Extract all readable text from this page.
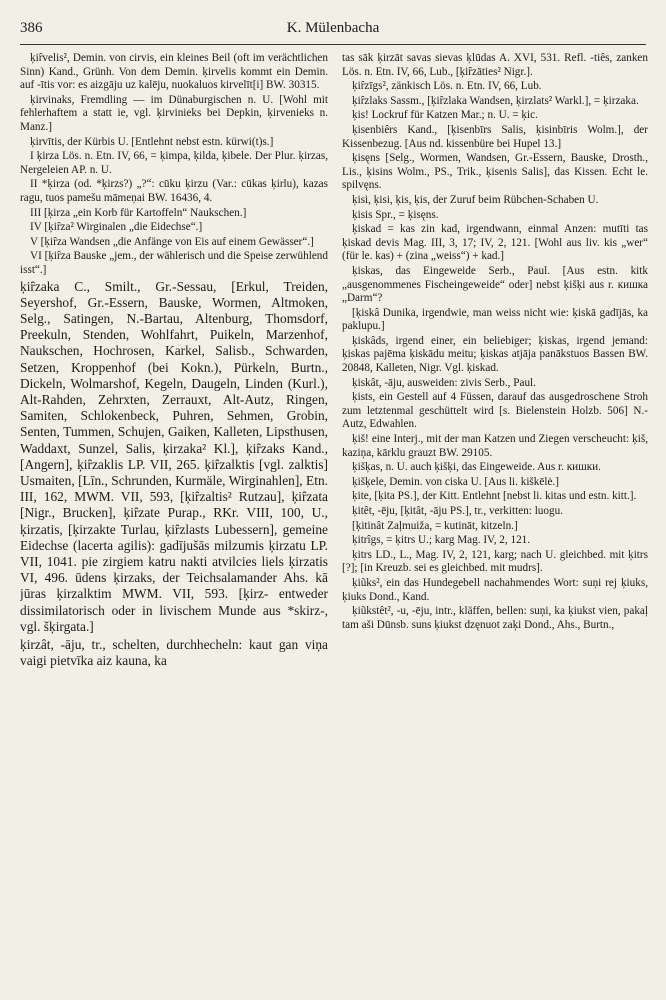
386	K. Mülenbacha

ķiȓvelis², Demin. von cirvis, ein kleines Beil (oft im verächtlichen Sinn) Kand., Grünh. Von dem Demin. ķirvelis kommt ein Demin. auf -ītis vor: es aizgāju uz kalēju, nuokaluos kirvelīt[i] BW. 30315.

ķirvinaks, Fremdling — im Dünaburgischen n. U. [Wohl mit fehlerhaftem a statt ie, vgl. ķirvinieks bei Depkin, ķirvenieks n. Manz.]

ķirvītis, der Kürbis U. [Entlehnt nebst estn. kürwi(t)s.]

I ķirza Lös. n. Etn. IV, 66, = ķimpa, ķilda, ķibele. Der Plur. ķirzas, Nergeleien AP. n. U.

II *ķirza (od. *ķirzs?) „?“: cūku ķirzu (Var.: cūkas ķirlu), kazas ragu, tuos pamešu māmeņai BW. 16436, 4.

III [ķirza „ein Korb für Kartoffeln“ Naukschen.]

IV [ķiȓza² Wirginalen „die Eidechse“.]

V [ķiȓza Wandsen „die Anfänge von Eis auf einem Gewässer“.]

VI [ķiȓza Bauske „jem., der wählerisch und die Speise zerwühlend isst“.]

ķiȓzaka C., Smilt., Gr.-Sessau, [Erkul, Treiden, Seyershof, Gr.-Essern, Bauske, Wormen, Altmoken, Selg., Satingen, N.-Bartau, Altenburg, Thomsdorf, Preekuln, Stenden, Wohlfahrt, Puikeln, Marzenhof, Naukschen, Hochrosen, Karkel, Salisb., Schwarden, Setzen, Kroppenhof (bei Kokn.), Pürkeln, Burtn., Dickeln, Wolmarshof, Kegeln, Daugeln, Linden (Kurl.), Alt-Rahden, Zehrxten, Zerrauxt, Alt-Autz, Ringen, Samiten, Schlokenbeck, Puhren, Sehmen, Grobin, Senten, Tummen, Schujen, Gaiken, Kalleten, Lipsthusen, Waddaxt, Sunzel, Salis, ķirzaka² Kl.], ķiȓzaks Kand., [Angern], ķiȓzaklis LP. VII, 265. ķiȓzalktis [vgl. zalktis] Usmaiten, [Līn., Schrunden, Kurmäle, Wirginahlen], Etn. III, 162, MWM. VII, 593, [ķiȓzaltis² Rutzau], ķiȓzata [Nigr., Brucken], ķiȓzate Purap., RKr. VIII, 100, U., ķirzatis, [ķirzakte Turlau, ķiȓzlasts Lubessern], gemeine Eidechse (lacerta agilis): gadījušās milzumis ķirzatu LP. VII, 1041. pie zirgiem katru nakti atvilcies liels ķirzatis VI, 496. ūdens ķirzaks, der Teichsalamander Ahs. kā jūras ķirzalktim MWM. VII, 593. [ķirz- entweder dissimilatorisch oder in livischem Munde aus *skirz-, vgl. šķirgata.]

ķirzât, -āju, tr., schelten, durchhecheln: kaut gan viņa vaigi pietvīka aiz kauna, ka

tas sāk ķirzāt savas sievas ķlūdas A. XVI, 531. Refl. -tiês, zanken Lös. n. Etn. IV, 66, Lub., [ķiȓzāties² Nigr.].

ķiȓzīgs², zänkisch Lös. n. Etn. IV, 66, Lub.

ķiȓzlaks Sassm., [ķiȓzlaka Wandsen, ķirzlats² Warkl.], = ķirzaka.

ķis! Lockruf für Katzen Mar.; n. U. = ķic.

ķisenbiȇrs Kand., [ķisenbīrs Salis, ķisinbīris Wolm.], der Kissenbezug. [Aus nd. kissenbüre bei Hupel 13.]

ķisęns [Selg., Wormen, Wandsen, Gr.-Essern, Bauske, Drosth., Lis., ķisins Wolm., PS., Trik., ķisenis Salis], das Kissen. Echt le. spilvęns.

ķisi, ķisi, ķis, ķis, der Zuruf beim Rübchen-Schaben U.

ķisis Spr., = ķisęns.

ķiskad = kas zin kad, irgendwann, einmal Anzen: mutīti tas ķiskad devis Mag. III, 3, 17; IV, 2, 121. [Wohl aus liv. kis „wer“ (für le. kas) + (zina „weiss“) + kad.]

ķiskas, das Eingeweide Serb., Paul. [Aus estn. kitk „ausgenommenes Fischeingeweide“ oder] nebst ķišķi aus r. кишка „Darm“?

[ķiskâ Dunika, irgendwie, man weiss nicht wie: ķiskā gadījās, ka paklupu.]

ķiskâds, irgend einer, ein beliebiger; ķiskas, irgend jemand: ķiskas pajēma ķiskādu meitu; ķiskas atjāja panākstuos Bassen BW. 20848, Kalleten, Nigr. Vgl. ķiskad.

ķiskât, -āju, ausweiden: zivis Serb., Paul.

ķists, ein Gestell auf 4 Füssen, darauf das ausgedroschene Stroh zum letztenmal geschüttelt wird [s. Bielenstein Holzb. 506] N.-Autz, Edwahlen.

ķiš! eine Interj., mit der man Katzen und Ziegen verscheucht: ķiš, kaziņa, kārklu grauzt BW. 29105.

ķišķas, n. U. auch ķišķi, das Eingeweide. Aus r. кишки.

ķišķele, Demin. von ciska U. [Aus li. kiškēlė.]

ķite, [ķita PS.], der Kitt. Entlehnt [nebst li. kitas und estn. kitt.].

ķitêt, -ēju, [ķitât, -āju PS.], tr., verkitten: luogu.

[ķitinât Zaļmuiža, = kutināt, kitzeln.]

ķitrîgs, = ķitrs U.; karg Mag. IV, 2, 121.

ķitrs LD., L., Mag. IV, 2, 121, karg; nach U. gleichbed. mit ķitrs [?]; [in Kreuzb. sei es gleichbed. mit mudrs].

ķiũks², ein das Hundegebell nachahmendes Wort: suņi rej ķiuks, ķiuks Dond., Kand.

ķiũkstêt², -u, -ēju, intr., kläffen, bellen: suņi, ka ķiukst vien, pakaļ tam aši Dūnsb. suns ķiukst dzęnuot zaķi Dond., Ahs., Burtn.,
